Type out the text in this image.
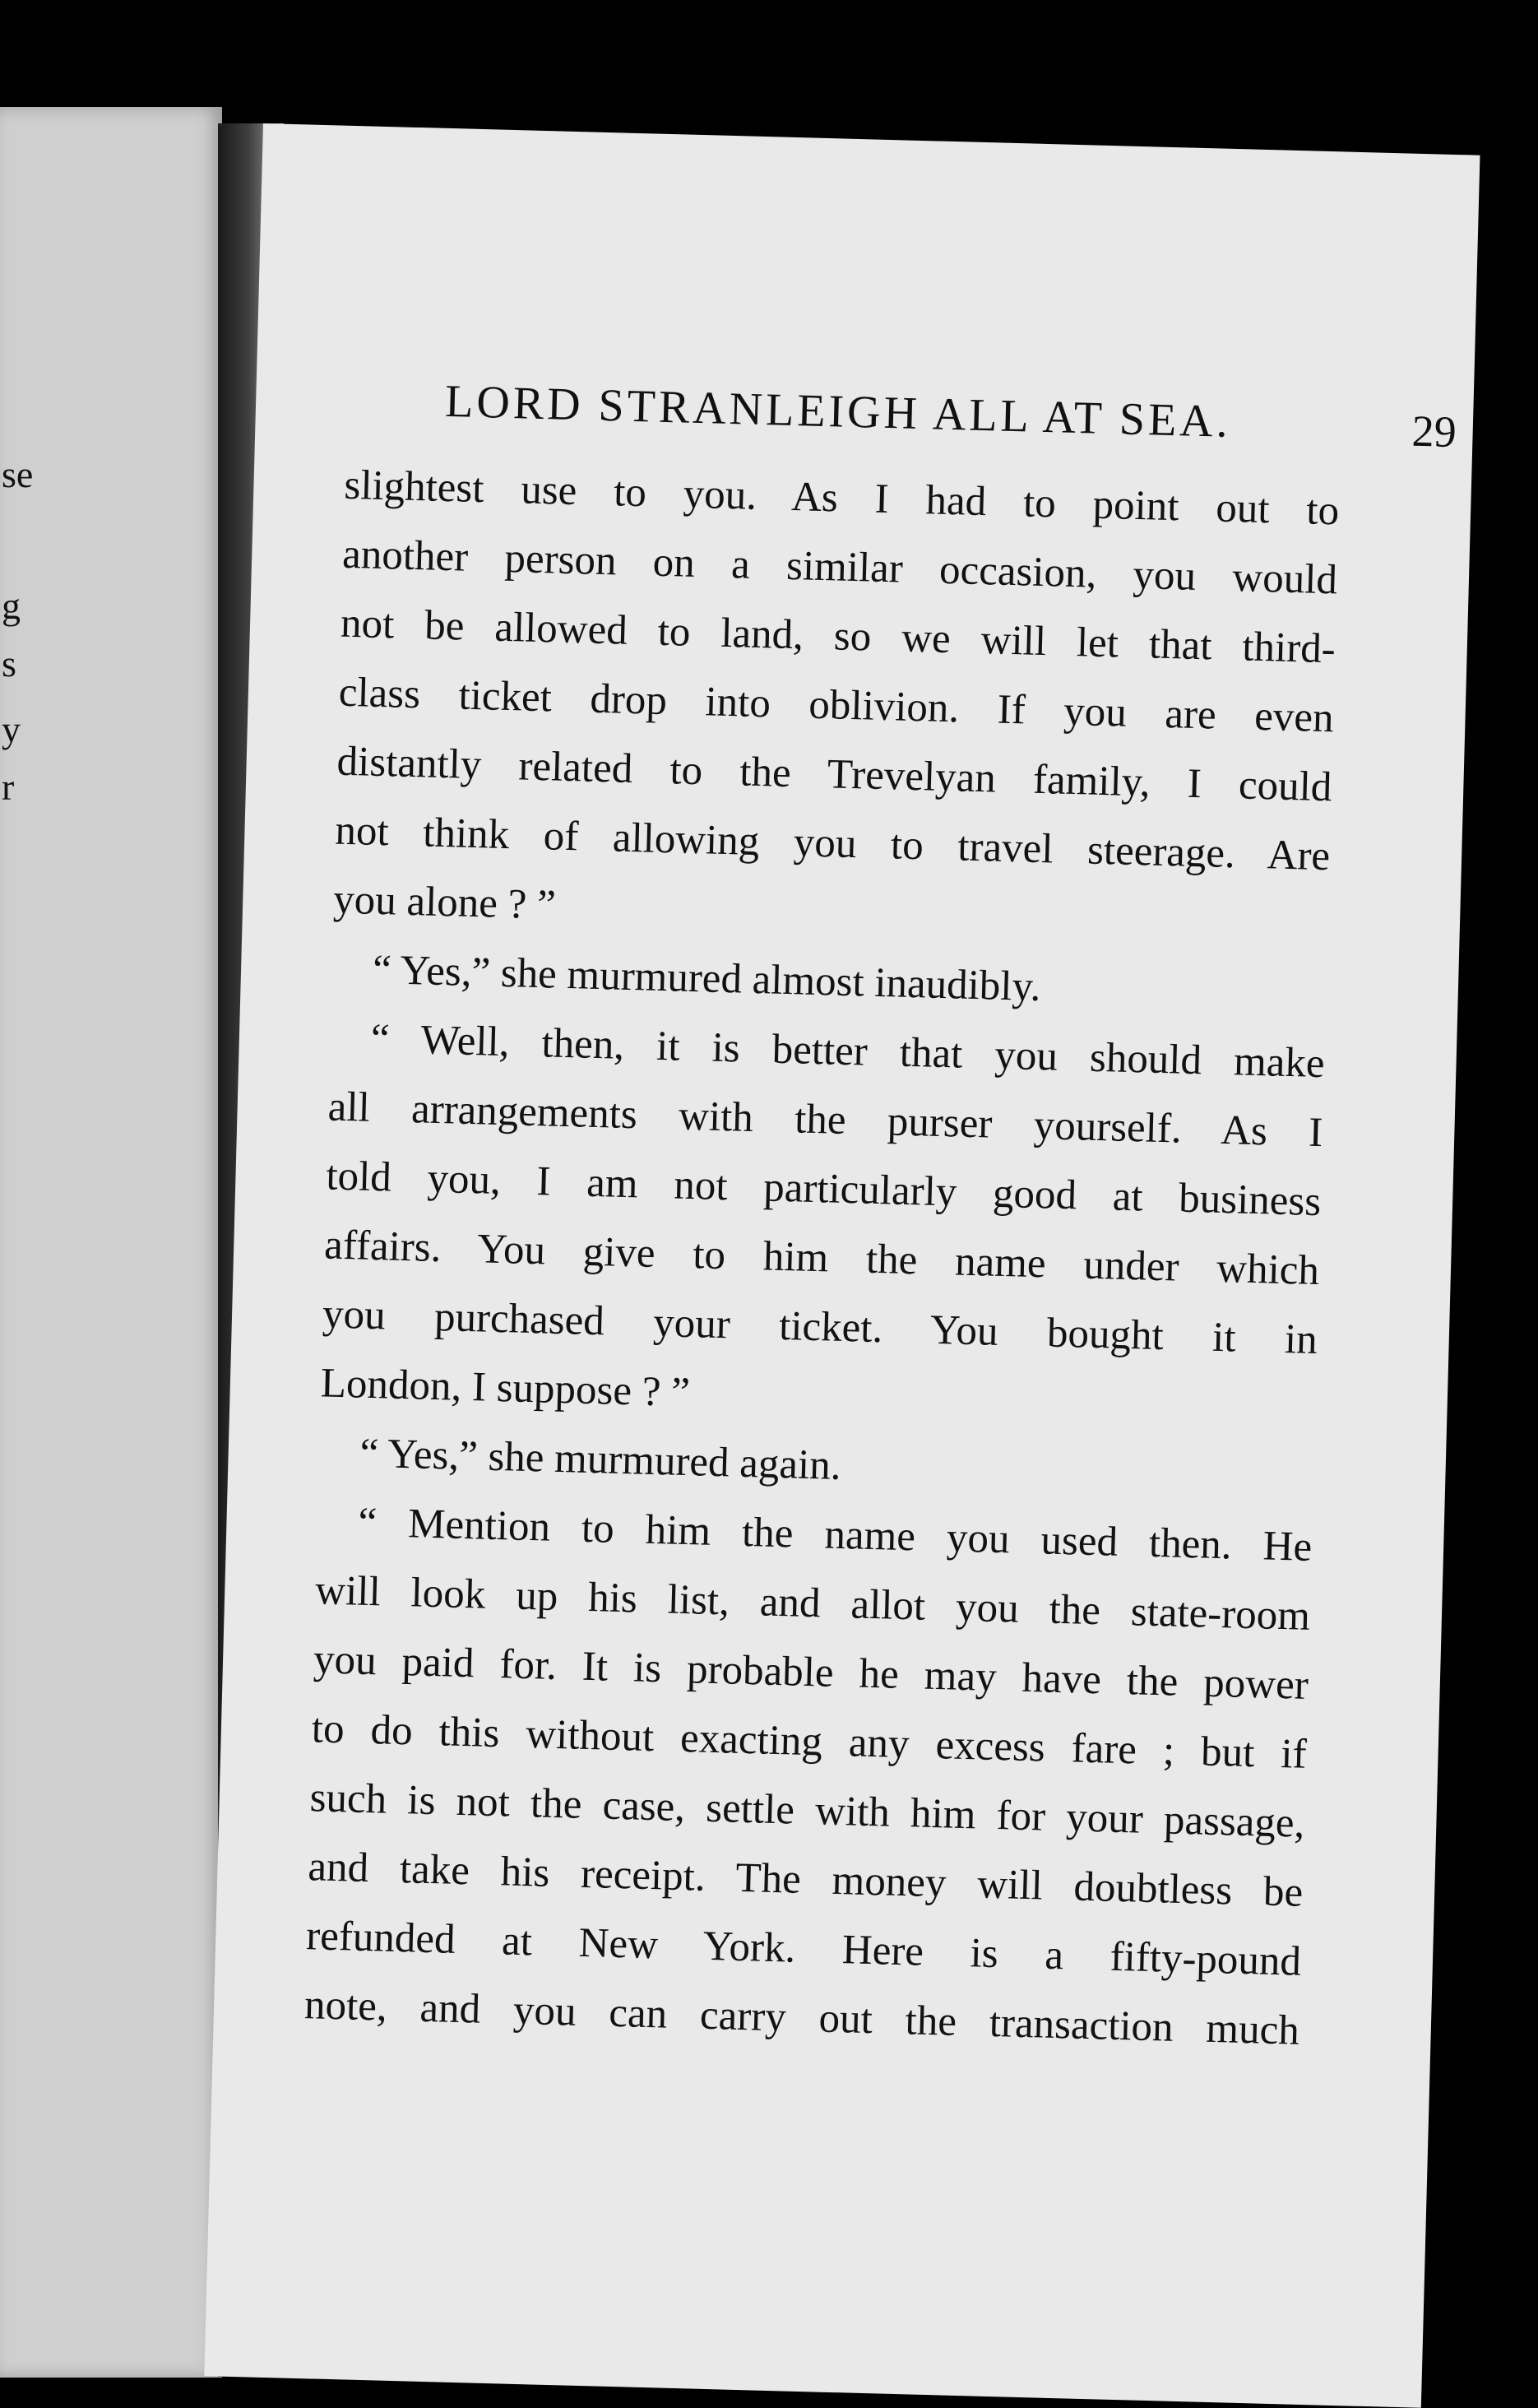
se
g
s
y
r
LORD STRANLEIGH ALL AT SEA.	29
slightest use to you. As I had to point out to
another person on a similar occasion, you would
not be allowed to land, so we will let that third-
class ticket drop into oblivion. If you are even
distantly related to the Trevelyan family, I could
not think of allowing you to travel steerage. Are
you alone ? ”
“ Yes,” she murmured almost inaudibly.
“ Well, then, it is better that you should make
all arrangements with the purser yourself. As I
told you, I am not particularly good at business
affairs. You give to him the name under which
you purchased your ticket. You bought it in
London, I suppose ? ”
“ Yes,” she murmured again.
“ Mention to him the name you used then. He
will look up his list, and allot you the state-room
you paid for. It is probable he may have the power
to do this without exacting any excess fare ; but if
such is not the case, settle with him for your passage,
and take his receipt. The money will doubtless be
refunded at New York. Here is a fifty-pound
note, and you can carry out the transaction much
